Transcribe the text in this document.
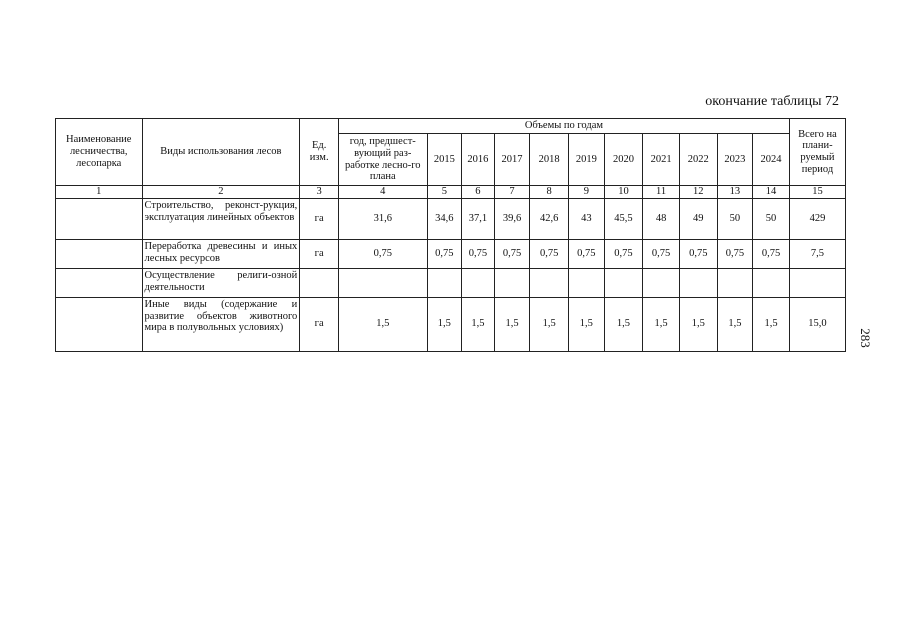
окончание таблицы 72
283
Наименование лесничества, лесопарка	Виды использования лесов	Ед. изм.	Объемы по годам											Всего на плани-руемый период
			год, предшест-вующий раз-работке лесно-го плана	2015	2016	2017	2018	2019	2020	2021	2022	2023	2024	
1	2	3	4	5	6	7	8	9	10	11	12	13	14	15
	Строительство, реконст-рукция, эксплуатация линейных объектов	га	31,6	34,6	37,1	39,6	42,6	43	45,5	48	49	50	50	429
	Переработка древесины и иных лесных ресурсов	га	0,75	0,75	0,75	0,75	0,75	0,75	0,75	0,75	0,75	0,75	0,75	7,5
	Осуществление религи-озной деятельности													
	Иные виды (содержание и развитие объектов животного мира в полувольных условиях)	га	1,5	1,5	1,5	1,5	1,5	1,5	1,5	1,5	1,5	1,5	1,5	15,0
